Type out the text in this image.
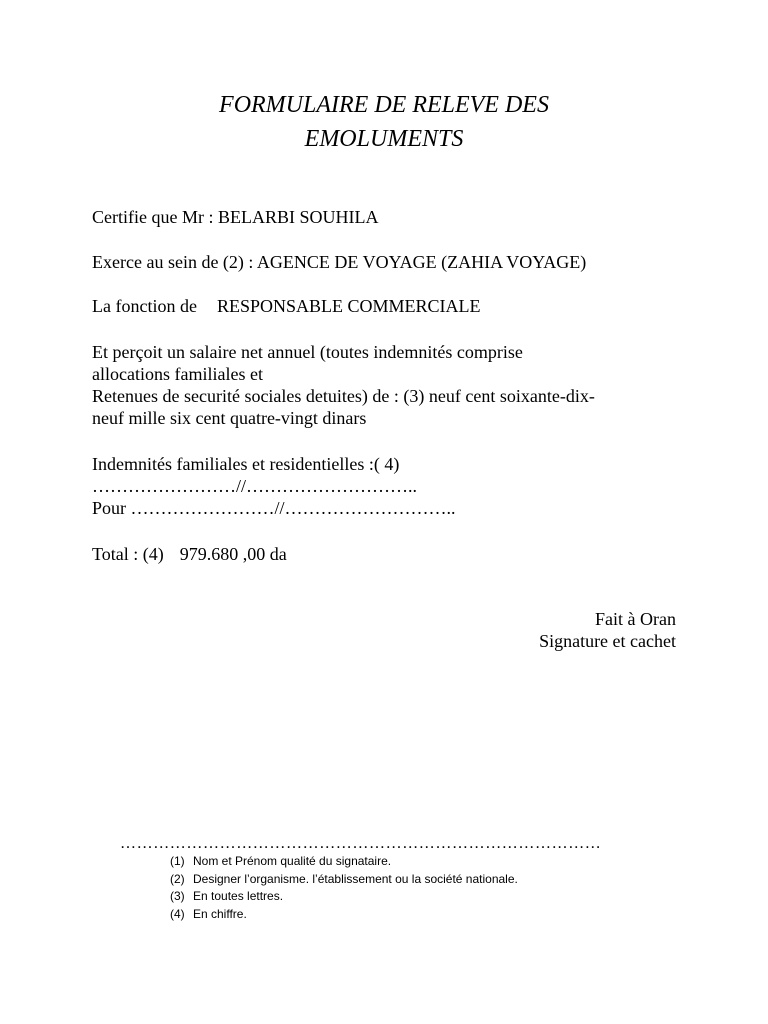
FORMULAIRE DE RELEVE DES
EMOLUMENTS
Certifie que Mr : BELARBI SOUHILA
Exerce au sein de (2) : AGENCE DE VOYAGE (ZAHIA VOYAGE)
La fonction de RESPONSABLE COMMERCIALE
Et perçoit un salaire net annuel (toutes indemnités comprise
allocations familiales et
Retenues de securité sociales detuites) de : (3) neuf cent soixante-dix-
neuf mille six cent quatre-vingt dinars
Indemnités familiales et residentielles :( 4)
……………………//………………………..
Pour ……………………//………………………..
Total : (4) 979.680 ,00 da
Fait à Oran
Signature et cachet
……………………………………………………………………………
(1) Nom et Prénom qualité du signataire.
(2) Designer l’organisme. l’établissement ou la société nationale.
(3) En toutes lettres.
(4) En chiffre.
